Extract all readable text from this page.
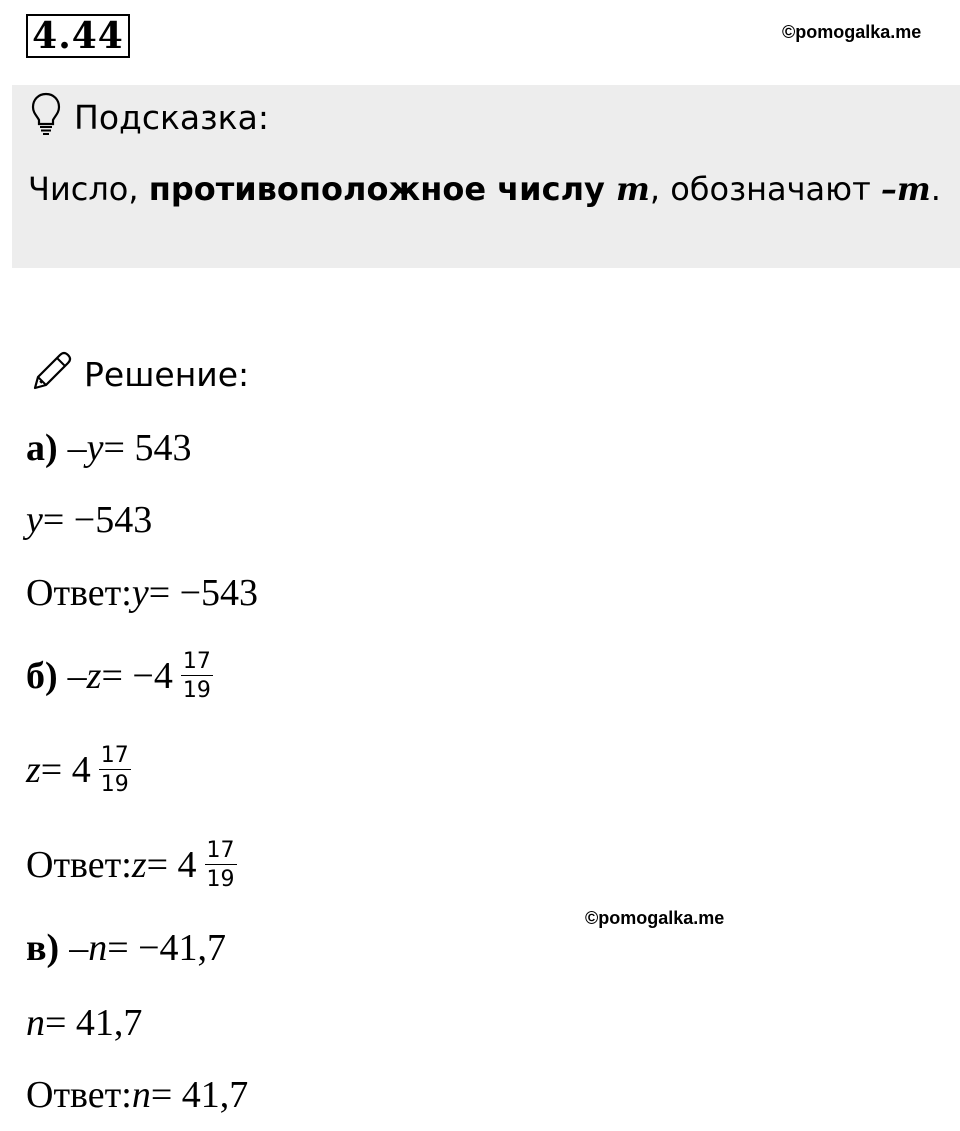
4.44	©pomogalka.me
Подсказка:
Число, противоположное числу m, обозначают –m.
Решение:
а) – y = 543
y = −543
Ответ: y = −543
$б) - z = -4 \frac{17}{19}$
$z = 4 \frac{17}{19}$
Ответ: $z = 4 \frac{17}{19}$
©pomogalka.me
в) – n = −41,7
n = 41,7
Ответ: n = 41,7
